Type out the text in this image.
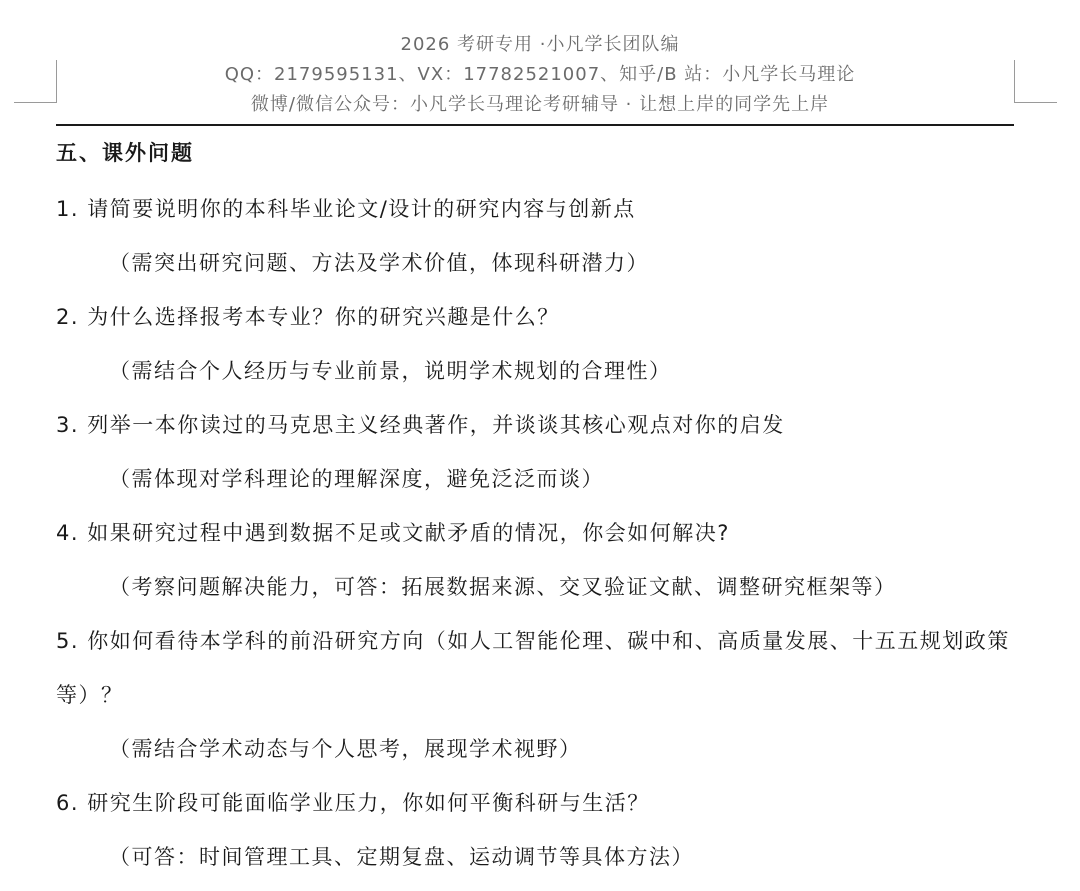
2026 考研专用 ·小凡学长团队编
QQ：2179595131、VX：17782521007、知乎/B 站：小凡学长马理论
微博/微信公众号：小凡学长马理论考研辅导 · 让想上岸的同学先上岸
五、课外问题
1. 请简要说明你的本科毕业论文/设计的研究内容与创新点
（需突出研究问题、方法及学术价值，体现科研潜力）
2. 为什么选择报考本专业？你的研究兴趣是什么？
（需结合个人经历与专业前景，说明学术规划的合理性）
3. 列举一本你读过的马克思主义经典著作，并谈谈其核心观点对你的启发
（需体现对学科理论的理解深度，避免泛泛而谈）
4. 如果研究过程中遇到数据不足或文献矛盾的情况，你会如何解决?
（考察问题解决能力，可答：拓展数据来源、交叉验证文献、调整研究框架等）
5. 你如何看待本学科的前沿研究方向（如人工智能伦理、碳中和、高质量发展、十五五规划政策等）？
（需结合学术动态与个人思考，展现学术视野）
6. 研究生阶段可能面临学业压力，你如何平衡科研与生活？
（可答：时间管理工具、定期复盘、运动调节等具体方法）
